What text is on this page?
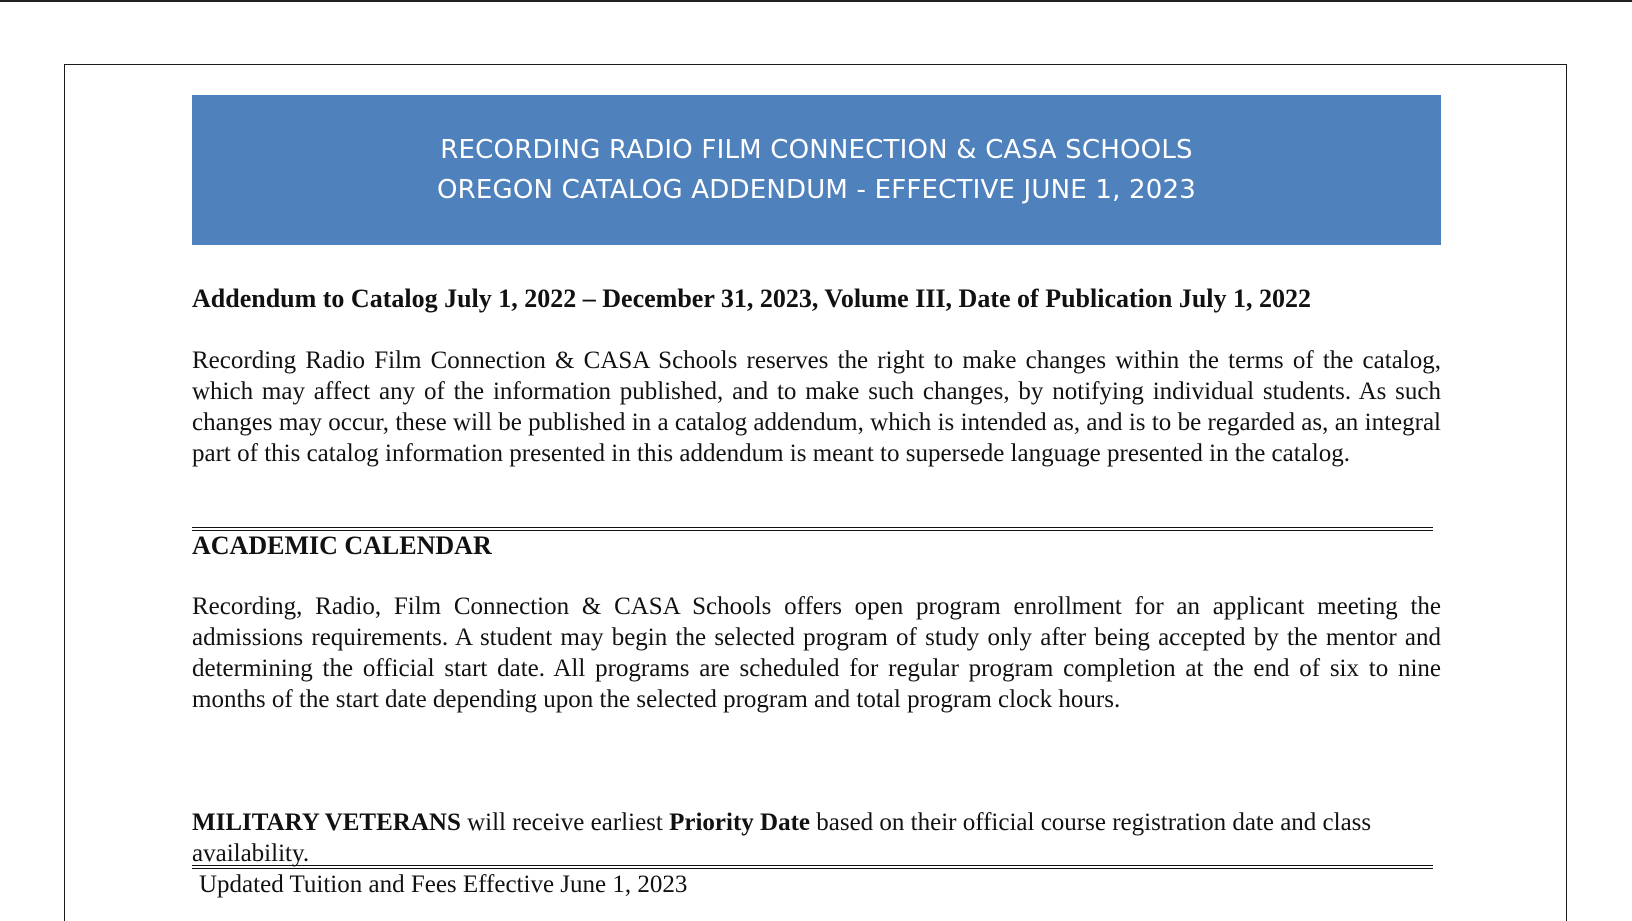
RECORDING RADIO FILM CONNECTION & CASA SCHOOLS
OREGON CATALOG ADDENDUM - EFFECTIVE JUNE 1, 2023
Addendum to Catalog July 1, 2022 – December 31, 2023, Volume III, Date of Publication July 1, 2022
Recording Radio Film Connection & CASA Schools reserves the right to make changes within the terms of the catalog, which may affect any of the information published, and to make such changes, by notifying individual students. As such changes may occur, these will be published in a catalog addendum, which is intended as, and is to be regarded as, an integral part of this catalog information presented in this addendum is meant to supersede language presented in the catalog.
ACADEMIC CALENDAR
Recording, Radio, Film Connection & CASA Schools offers open program enrollment for an applicant meeting the admissions requirements. A student may begin the selected program of study only after being accepted by the mentor and determining the official start date. All programs are scheduled for regular program completion at the end of six to nine months of the start date depending upon the selected program and total program clock hours.
MILITARY VETERANS will receive earliest Priority Date based on their official course registration date and class availability.
Updated Tuition and Fees Effective June 1, 2023
